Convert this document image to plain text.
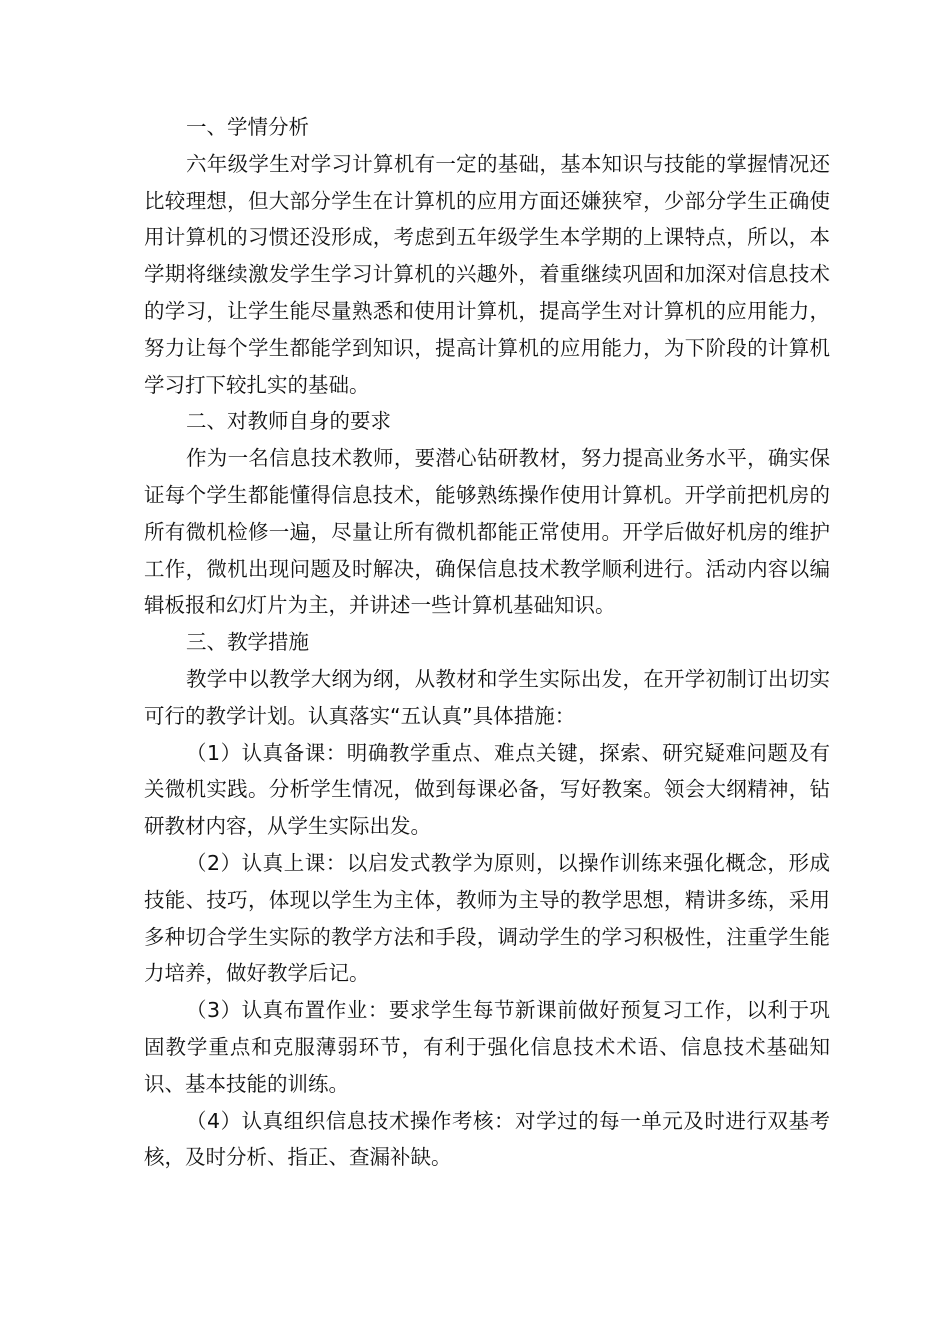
一、学情分析

六年级学生对学习计算机有一定的基础，基本知识与技能的掌握情况还比较理想，但大部分学生在计算机的应用方面还嫌狭窄，少部分学生正确使用计算机的习惯还没形成，考虑到五年级学生本学期的上课特点，所以，本学期将继续激发学生学习计算机的兴趣外，着重继续巩固和加深对信息技术的学习，让学生能尽量熟悉和使用计算机，提高学生对计算机的应用能力，努力让每个学生都能学到知识，提高计算机的应用能力，为下阶段的计算机学习打下较扎实的基础。

二、对教师自身的要求

作为一名信息技术教师，要潜心钻研教材，努力提高业务水平，确实保证每个学生都能懂得信息技术，能够熟练操作使用计算机。开学前把机房的所有微机检修一遍，尽量让所有微机都能正常使用。开学后做好机房的维护工作，微机出现问题及时解决，确保信息技术教学顺利进行。活动内容以编辑板报和幻灯片为主，并讲述一些计算机基础知识。

三、教学措施

教学中以教学大纲为纲，从教材和学生实际出发，在开学初制订出切实可行的教学计划。认真落实“五认真”具体措施：

（1）认真备课：明确教学重点、难点关键，探索、研究疑难问题及有关微机实践。分析学生情况，做到每课必备，写好教案。领会大纲精神，钻研教材内容，从学生实际出发。

（2）认真上课：以启发式教学为原则，以操作训练来强化概念，形成技能、技巧，体现以学生为主体，教师为主导的教学思想，精讲多练，采用多种切合学生实际的教学方法和手段，调动学生的学习积极性，注重学生能力培养，做好教学后记。

（3）认真布置作业：要求学生每节新课前做好预复习工作，以利于巩固教学重点和克服薄弱环节，有利于强化信息技术术语、信息技术基础知识、基本技能的训练。

（4）认真组织信息技术操作考核：对学过的每一单元及时进行双基考核，及时分析、指正、查漏补缺。
